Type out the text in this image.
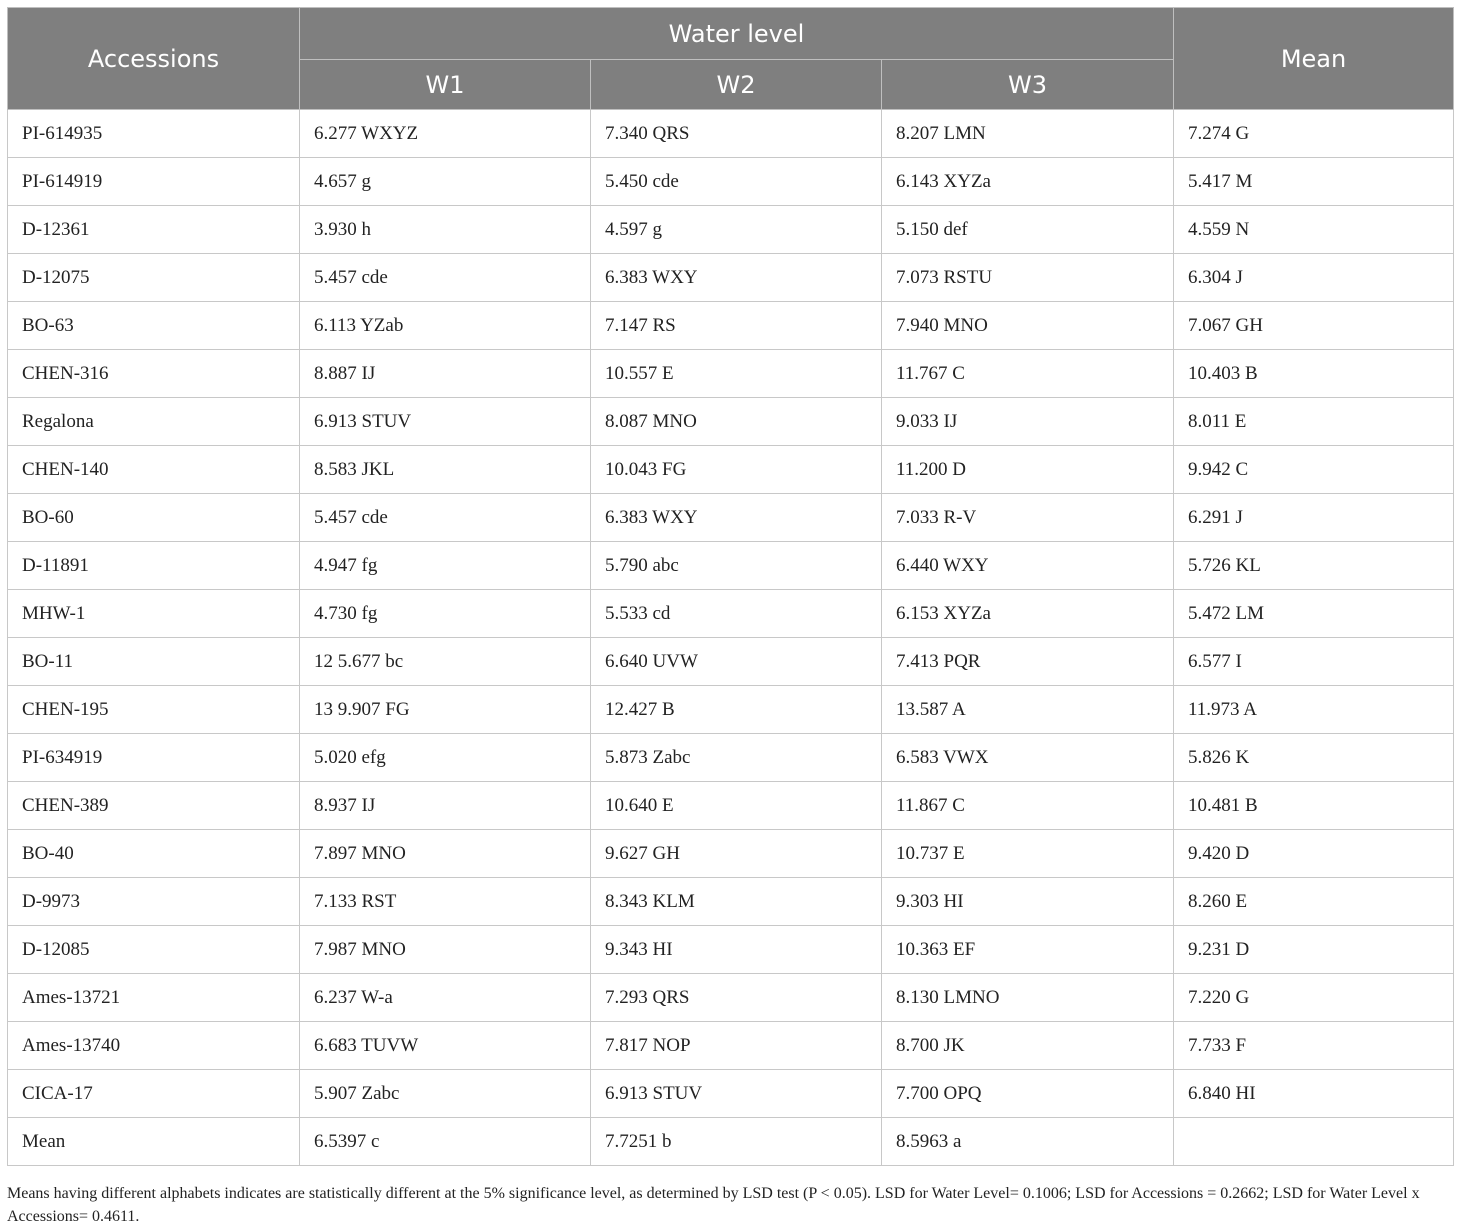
Accessions	Water level			Mean
	W1	W2	W3	
PI-614935	6.277 WXYZ	7.340 QRS	8.207 LMN	7.274 G
PI-614919	4.657 g	5.450 cde	6.143 XYZa	5.417 M
D-12361	3.930 h	4.597 g	5.150 def	4.559 N
D-12075	5.457 cde	6.383 WXY	7.073 RSTU	6.304 J
BO-63	6.113 YZab	7.147 RS	7.940 MNO	7.067 GH
CHEN-316	8.887 IJ	10.557 E	11.767 C	10.403 B
Regalona	6.913 STUV	8.087 MNO	9.033 IJ	8.011 E
CHEN-140	8.583 JKL	10.043 FG	11.200 D	9.942 C
BO-60	5.457 cde	6.383 WXY	7.033 R-V	6.291 J
D-11891	4.947 fg	5.790 abc	6.440 WXY	5.726 KL
MHW-1	4.730 fg	5.533 cd	6.153 XYZa	5.472 LM
BO-11	12 5.677 bc	6.640 UVW	7.413 PQR	6.577 I
CHEN-195	13 9.907 FG	12.427 B	13.587 A	11.973 A
PI-634919	5.020 efg	5.873 Zabc	6.583 VWX	5.826 K
CHEN-389	8.937 IJ	10.640 E	11.867 C	10.481 B
BO-40	7.897 MNO	9.627 GH	10.737 E	9.420 D
D-9973	7.133 RST	8.343 KLM	9.303 HI	8.260 E
D-12085	7.987 MNO	9.343 HI	10.363 EF	9.231 D
Ames-13721	6.237 W-a	7.293 QRS	8.130 LMNO	7.220 G
Ames-13740	6.683 TUVW	7.817 NOP	8.700 JK	7.733 F
CICA-17	5.907 Zabc	6.913 STUV	7.700 OPQ	6.840 HI
Mean	6.5397 c	7.7251 b	8.5963 a	
Means having different alphabets indicates are statistically different at the 5% significance level, as determined by LSD test (P < 0.05). LSD for Water Level= 0.1006; LSD for Accessions = 0.2662; LSD for Water Level x Accessions= 0.4611.
